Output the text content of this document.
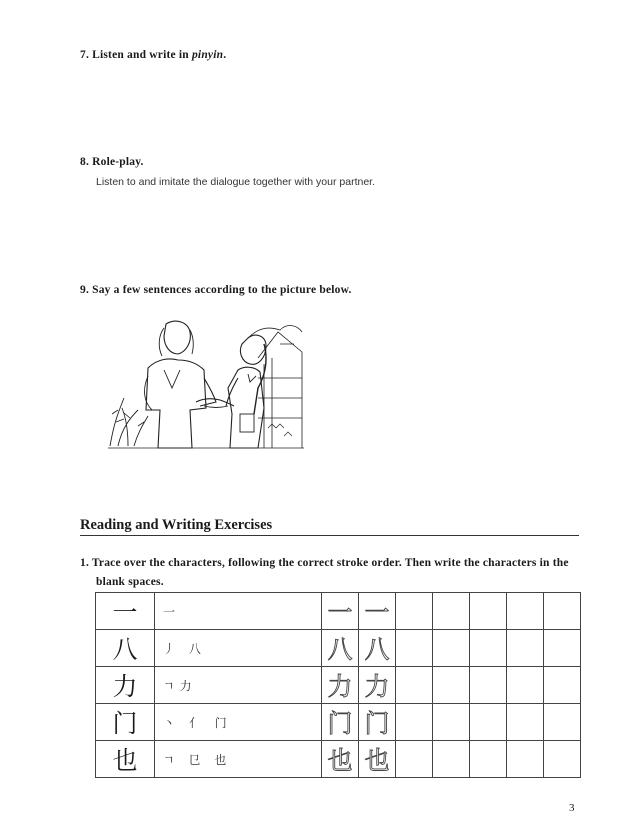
7. Listen and write in pinyin.
8. Role-play.
Listen to and imitate the dialogue together with your partner.
9. Say a few sentences according to the picture below.
Reading and Writing Exercises
1. Trace over the characters, following the correct stroke order. Then write the characters in the
blank spaces.
一	一	一	一					
八	丿 八	八	八					
力	ㄱ力	力	力					
门	丶 亻 门	门	门					
也	ㄱ 㔾 也	也	也					
3
